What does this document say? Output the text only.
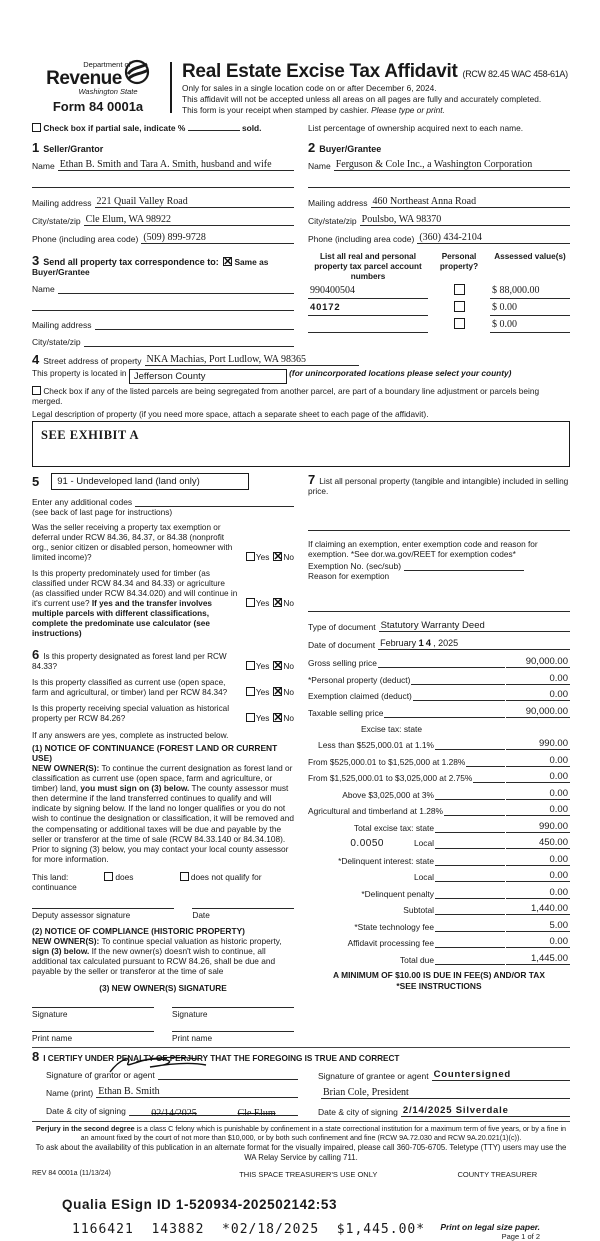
Department of
Revenue
Washington State
Form 84 0001a
Real Estate Excise Tax Affidavit (RCW 82.45 WAC 458-61A)
Only for sales in a single location code on or after December 6, 2024.
This affidavit will not be accepted unless all areas on all pages are fully and accurately completed.
This form is your receipt when stamped by cashier. Please type or print.
Check box if partial sale, indicate %	sold.	List percentage of ownership acquired next to each name.
1 Seller/Grantor
Name Ethan B. Smith and Tara A. Smith, husband and wife
Mailing address 221 Quail Valley Road
City/state/zip Cle Elum, WA 98922
Phone (including area code) (509) 899-9728
3 Send all property tax correspondence to: ✕ Same as Buyer/Grantee
Name
Mailing address
City/state/zip
2 Buyer/Grantee
Name Ferguson & Cole Inc., a Washington Corporation
Mailing address 460 Northeast Anna Road
City/state/zip Poulsbo, WA 98370
Phone (including area code) (360) 434-2104
List all real and personal property tax parcel account numbers
Personal property?
Assessed value(s)
990400504	$ 88,000.00
40172	$ 0.00
$ 0.00
4 Street address of property NKA Machias, Port Ludlow, WA 98365
This property is located in Jefferson County	(for unincorporated locations please select your county)
Check box if any of the listed parcels are being segregated from another parcel, are part of a boundary line adjustment or parcels being merged.
Legal description of property (if you need more space, attach a separate sheet to each page of the affidavit).
SEE EXHIBIT A
5	91 - Undeveloped land (land only)
Enter any additional codes
(see back of last page for instructions)
Was the seller receiving a property tax exemption or deferral under RCW 84.36, 84.37, or 84.38 (nonprofit org., senior citizen or disabled person, homeowner with limited income)?	Yes ✕ No
Is this property predominately used for timber (as classified under RCW 84.34 and 84.33) or agriculture (as classified under RCW 84.34.020) and will continue in it's current use? If yes and the transfer involves multiple parcels with different classifications, complete the predominate use calculator (see instructions)
Yes ✕ No
6 Is this property designated as forest land per RCW 84.33?	Yes ✕ No
Is this property classified as current use (open space, farm and agricultural, or timber) land per RCW 84.34?	Yes ✕ No
Is this property receiving special valuation as historical property per RCW 84.26?	Yes ✕ No
If any answers are yes, complete as instructed below.
(1) NOTICE OF CONTINUANCE (FOREST LAND OR CURRENT USE)
NEW OWNER(S): To continue the current designation as forest land or classification as current use (open space, farm and agriculture, or timber) land, you must sign on (3) below. The county assessor must then determine if the land transferred continues to qualify and will indicate by signing below. If the land no longer qualifies or you do not wish to continue the designation or classification, it will be removed and the compensating or additional taxes will be due and payable by the seller or transferor at the time of sale (RCW 84.33.140 or 84.34.108). Prior to signing (3) below, you may contact your local county assessor for more information.
This land:	does	does not qualify for
continuance
Deputy assessor signature	Date
(2) NOTICE OF COMPLIANCE (HISTORIC PROPERTY)
NEW OWNER(S): To continue special valuation as historic property, sign (3) below. If the new owner(s) doesn't wish to continue, all additional tax calculated pursuant to RCW 84.26, shall be due and payable by the seller or transferor at the time of sale
(3) NEW OWNER(S) SIGNATURE
Signature	Signature
Print name	Print name
7 List all personal property (tangible and intangible) included in selling price.
If claiming an exemption, enter exemption code and reason for exemption. *See dor.wa.gov/REET for exemption codes*
Exemption No. (sec/sub)
Reason for exemption
Type of document Statutory Warranty Deed
Date of document February 14, 2025
Gross selling price	90,000.00
*Personal property (deduct)	0.00
Exemption claimed (deduct)	0.00
Taxable selling price	90,000.00
Excise tax: state
Less than $525,000.01 at 1.1%	990.00
From $525,000.01 to $1,525,000 at 1.28%	0.00
From $1,525,000.01 to $3,025,000 at 2.75%	0.00
Above $3,025,000 at 3%	0.00
Agricultural and timberland at 1.28%	0.00
Total excise tax: state	990.00
0.0050	Local	450.00
*Delinquent interest: state	0.00
Local	0.00
*Delinquent penalty	0.00
Subtotal	1,440.00
*State technology fee	5.00
Affidavit processing fee	0.00
Total due	1,445.00
A MINIMUM OF $10.00 IS DUE IN FEE(S) AND/OR TAX
*SEE INSTRUCTIONS
8 I CERTIFY UNDER PENALTY OF PERJURY THAT THE FOREGOING IS TRUE AND CORRECT
Signature of grantor or agent
Name (print) Ethan B. Smith
Date & city of signing	02/14/2025	Cle Elum
Signature of grantee or agent Countersigned
Brian Cole, President
Date & city of signing 2/14/2025 Silverdale
Perjury in the second degree is a class C felony which is punishable by confinement in a state correctional institution for a maximum term of five years, or by a fine in an amount fixed by the court of not more than $10,000, or by both such confinement and fine (RCW 9A.72.030 and RCW 9A.20.021(1)(c)).
To ask about the availability of this publication in an alternate format for the visually impaired, please call 360-705-6705. Teletype (TTY) users may use the WA Relay Service by calling 711.
REV 84 0001a (11/13/24)	THIS SPACE TREASURER'S USE ONLY	COUNTY TREASURER
Qualia ESign ID 1-520934-202502142:53
1166421  143882  *02/18/2025  $1,445.00* Print on legal size paper.
Page 1 of 2
